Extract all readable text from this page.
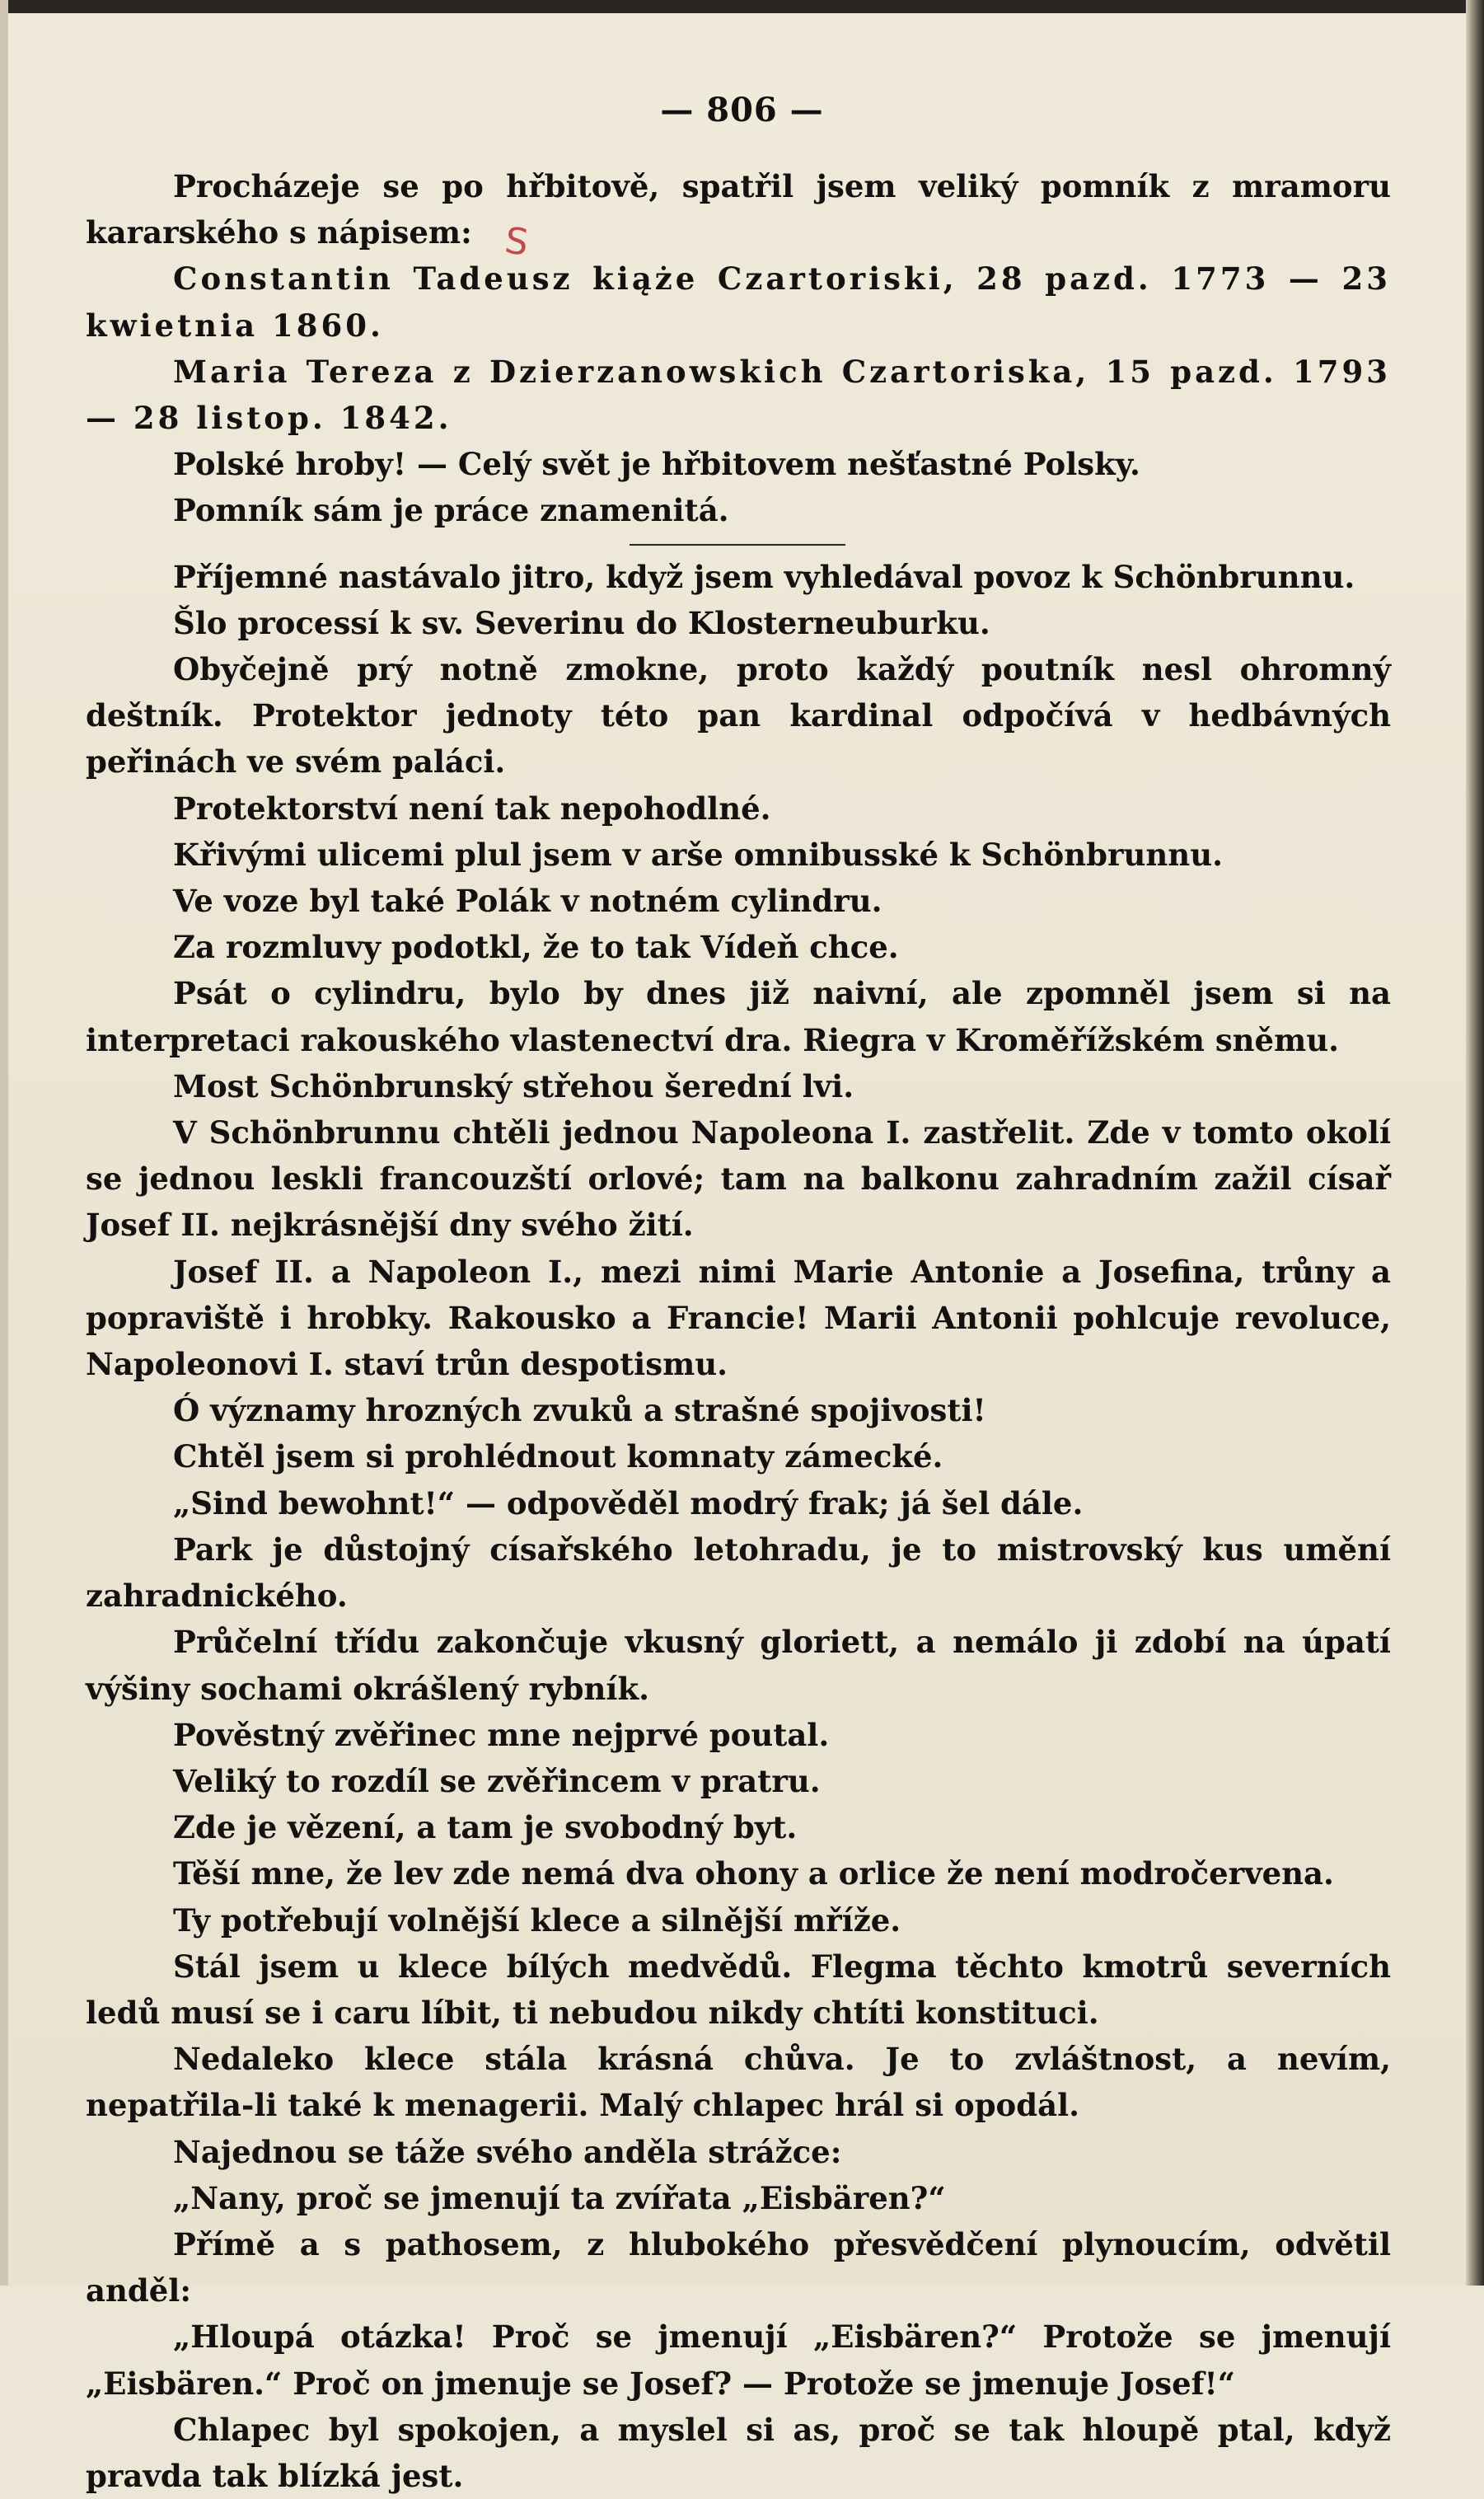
— 806 —
S

Procházeje se po hřbitově, spatřil jsem veliký pomník z mramoru kararského s nápisem:

Constantin Tadeusz kiąże Czartoriski, 28 pazd. 1773 — 23 kwietnia 1860.

Maria Tereza z Dzierzanowskich Czartoriska, 15 pazd. 1793 — 28 listop. 1842.

Polské hroby! — Celý svět je hřbitovem nešťastné Polsky.

Pomník sám je práce znamenitá.

Příjemné nastávalo jitro, když jsem vyhledával povoz k Schönbrunnu.

Šlo processí k sv. Severinu do Klosterneuburku.

Obyčejně prý notně zmokne, proto každý poutník nesl ohromný deštník. Protektor jednoty této pan kardinal odpočívá v hedbávných peřinách ve svém paláci.

Protektorství není tak nepohodlné.

Křivými ulicemi plul jsem v arše omnibusské k Schönbrunnu.

Ve voze byl také Polák v notném cylindru.

Za rozmluvy podotkl, že to tak Vídeň chce.

Psát o cylindru, bylo by dnes již naivní, ale zpomněl jsem si na interpretaci rakouského vlastenectví dra. Riegra v Kroměřížském sněmu.

Most Schönbrunský střehou šerední lvi.

V Schönbrunnu chtěli jednou Napoleona I. zastřelit. Zde v tomto okolí se jednou leskli francouzští orlové; tam na balkonu zahradním zažil císař Josef II. nejkrásnější dny svého žití.

Josef II. a Napoleon I., mezi nimi Marie Antonie a Josefina, trůny a popraviště i hrobky. Rakousko a Francie! Marii Antonii pohlcuje revoluce, Napoleonovi I. staví trůn despotismu.

Ó významy hrozných zvuků a strašné spojivosti!

Chtěl jsem si prohlédnout komnaty zámecké.

„Sind bewohnt!“ — odpověděl modrý frak; já šel dále.

Park je důstojný císařského letohradu, je to mistrovský kus umění zahradnického.

Průčelní třídu zakončuje vkusný gloriett, a nemálo ji zdobí na úpatí výšiny sochami okrášlený rybník.

Pověstný zvěřinec mne nejprvé poutal.

Veliký to rozdíl se zvěřincem v pratru.

Zde je vězení, a tam je svobodný byt.

Těší mne, že lev zde nemá dva ohony a orlice že není modročervena.

Ty potřebují volnější klece a silnější mříže.

Stál jsem u klece bílých medvědů. Flegma těchto kmotrů severních ledů musí se i caru líbit, ti nebudou nikdy chtíti konstituci.

Nedaleko klece stála krásná chůva. Je to zvláštnost, a nevím, nepatřila-li také k menagerii. Malý chlapec hrál si opodál.

Najednou se táže svého anděla strážce:

„Nany, proč se jmenují ta zvířata „Eisbären?“

Přímě a s pathosem, z hlubokého přesvědčení plynoucím, odvětil anděl:

„Hloupá otázka! Proč se jmenují „Eisbären?“ Protože se jmenují „Eisbären.“ Proč on jmenuje se Josef? — Protože se jmenuje Josef!“

Chlapec byl spokojen, a myslel si as, proč se tak hloupě ptal, když pravda tak blízká jest.
